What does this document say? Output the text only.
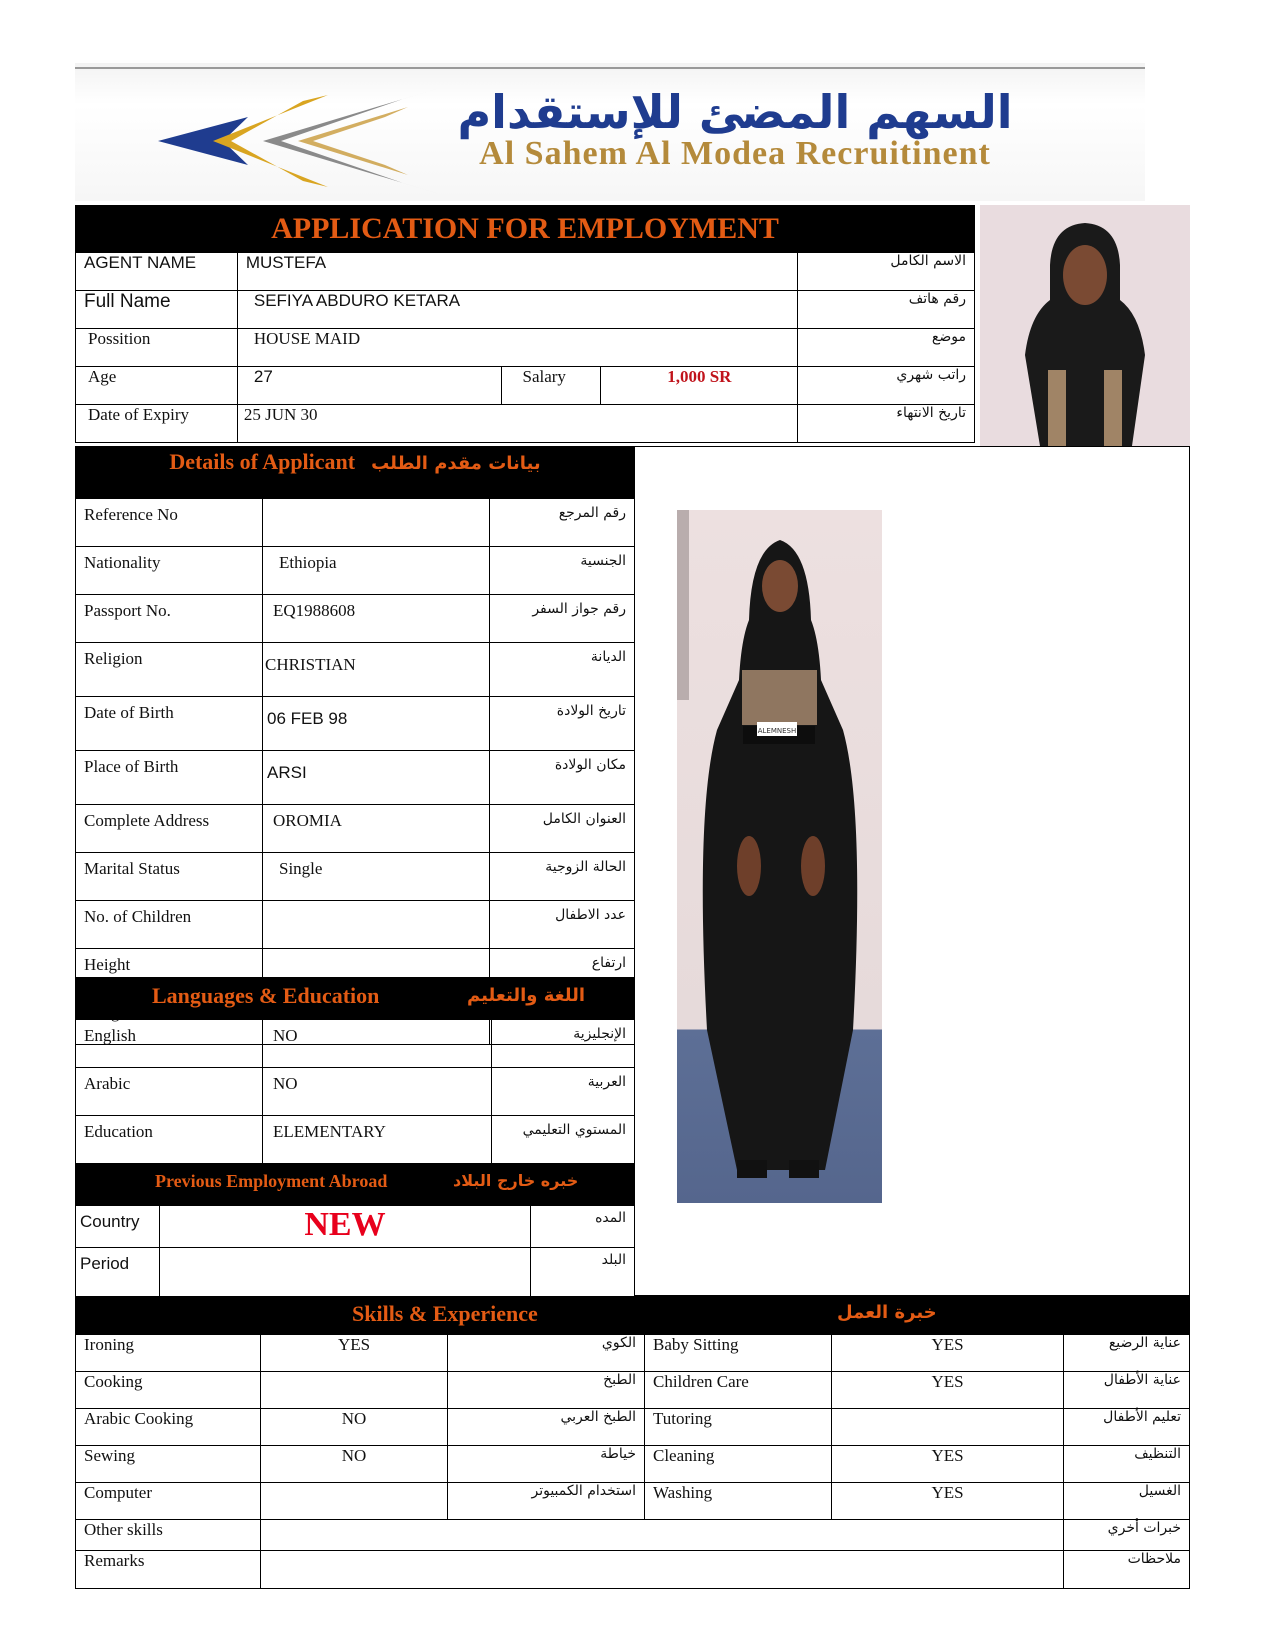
السهم المضئ للإستقدام
Al Sahem Al Modea Recruitinent
APPLICATION FOR EMPLOYMENT
AGENT NAME	MUSTEFA			الاسم الكامل
Full Name	SEFIYA ABDURO KETARA			رقم هاتف
Possition	HOUSE MAID			موضع
Age	27	Salary	1,000 SR	راتب شهري
Date of Expiry	25 JUN 30			تاريخ الانتهاء
Details of Applicant بيانات مقدم الطلب
Reference No		رقم المرجع
Nationality	Ethiopia	الجنسية
Passport No.	EQ1988608	رقم جواز السفر
Religion	CHRISTIAN	الديانة
Date of Birth	06 FEB 98	تاريخ الولادة
Place of Birth	ARSI	مكان الولادة
Complete Address	OROMIA	العنوان الكامل
Marital Status	Single	الحالة الزوجية
No. of Children		عدد الاطفال
Height		ارتفاع

Languages & Education	اللغة والتعليم
English	NO	الإنجليزية
Arabic	NO	العربية
Education	ELEMENTARY	المستوي التعليمي
Previous Employment Abroad	خبره خارج البلاد
Country	NEW	المده
Period		البلد
ALEMNESH
Skills & Experience	خبرة العمل
Ironing	YES	الكوي	Baby Sitting	YES	عناية الرضيع
Cooking		الطبخ	Children Care	YES	عناية الأطفال
Arabic Cooking	NO	الطبخ العربي	Tutoring		تعليم الأطفال
Sewing	NO	خياطة	Cleaning	YES	التنظيف
Computer		استخدام الكمبيوتر	Washing	YES	الغسيل
Other skills					خبرات أخري
Remarks					ملاحظات
